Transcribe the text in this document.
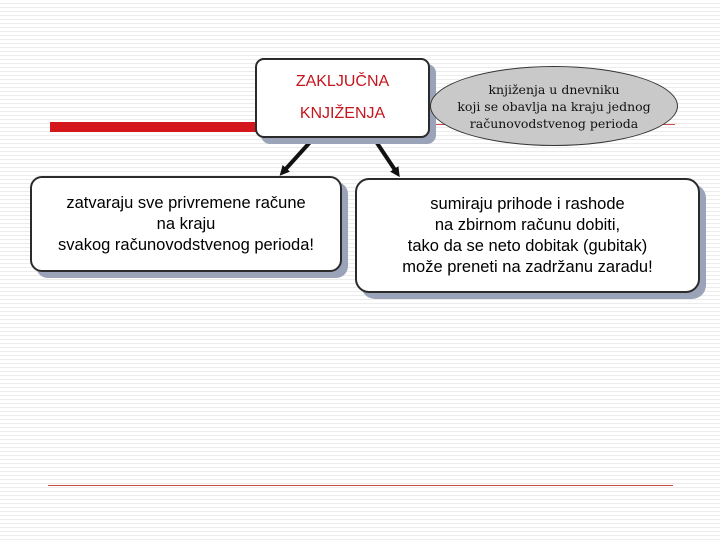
ZAKLJUČNA
KNJIŽENJA
knjiženja u dnevniku
koji se obavlja na kraju jednog
računovodstvenog perioda
zatvaraju sve privremene račune
na kraju
svakog računovodstvenog perioda!
sumiraju prihode i rashode
na zbirnom računu dobiti,
tako da se neto dobitak (gubitak)
može preneti na zadržanu zaradu!
